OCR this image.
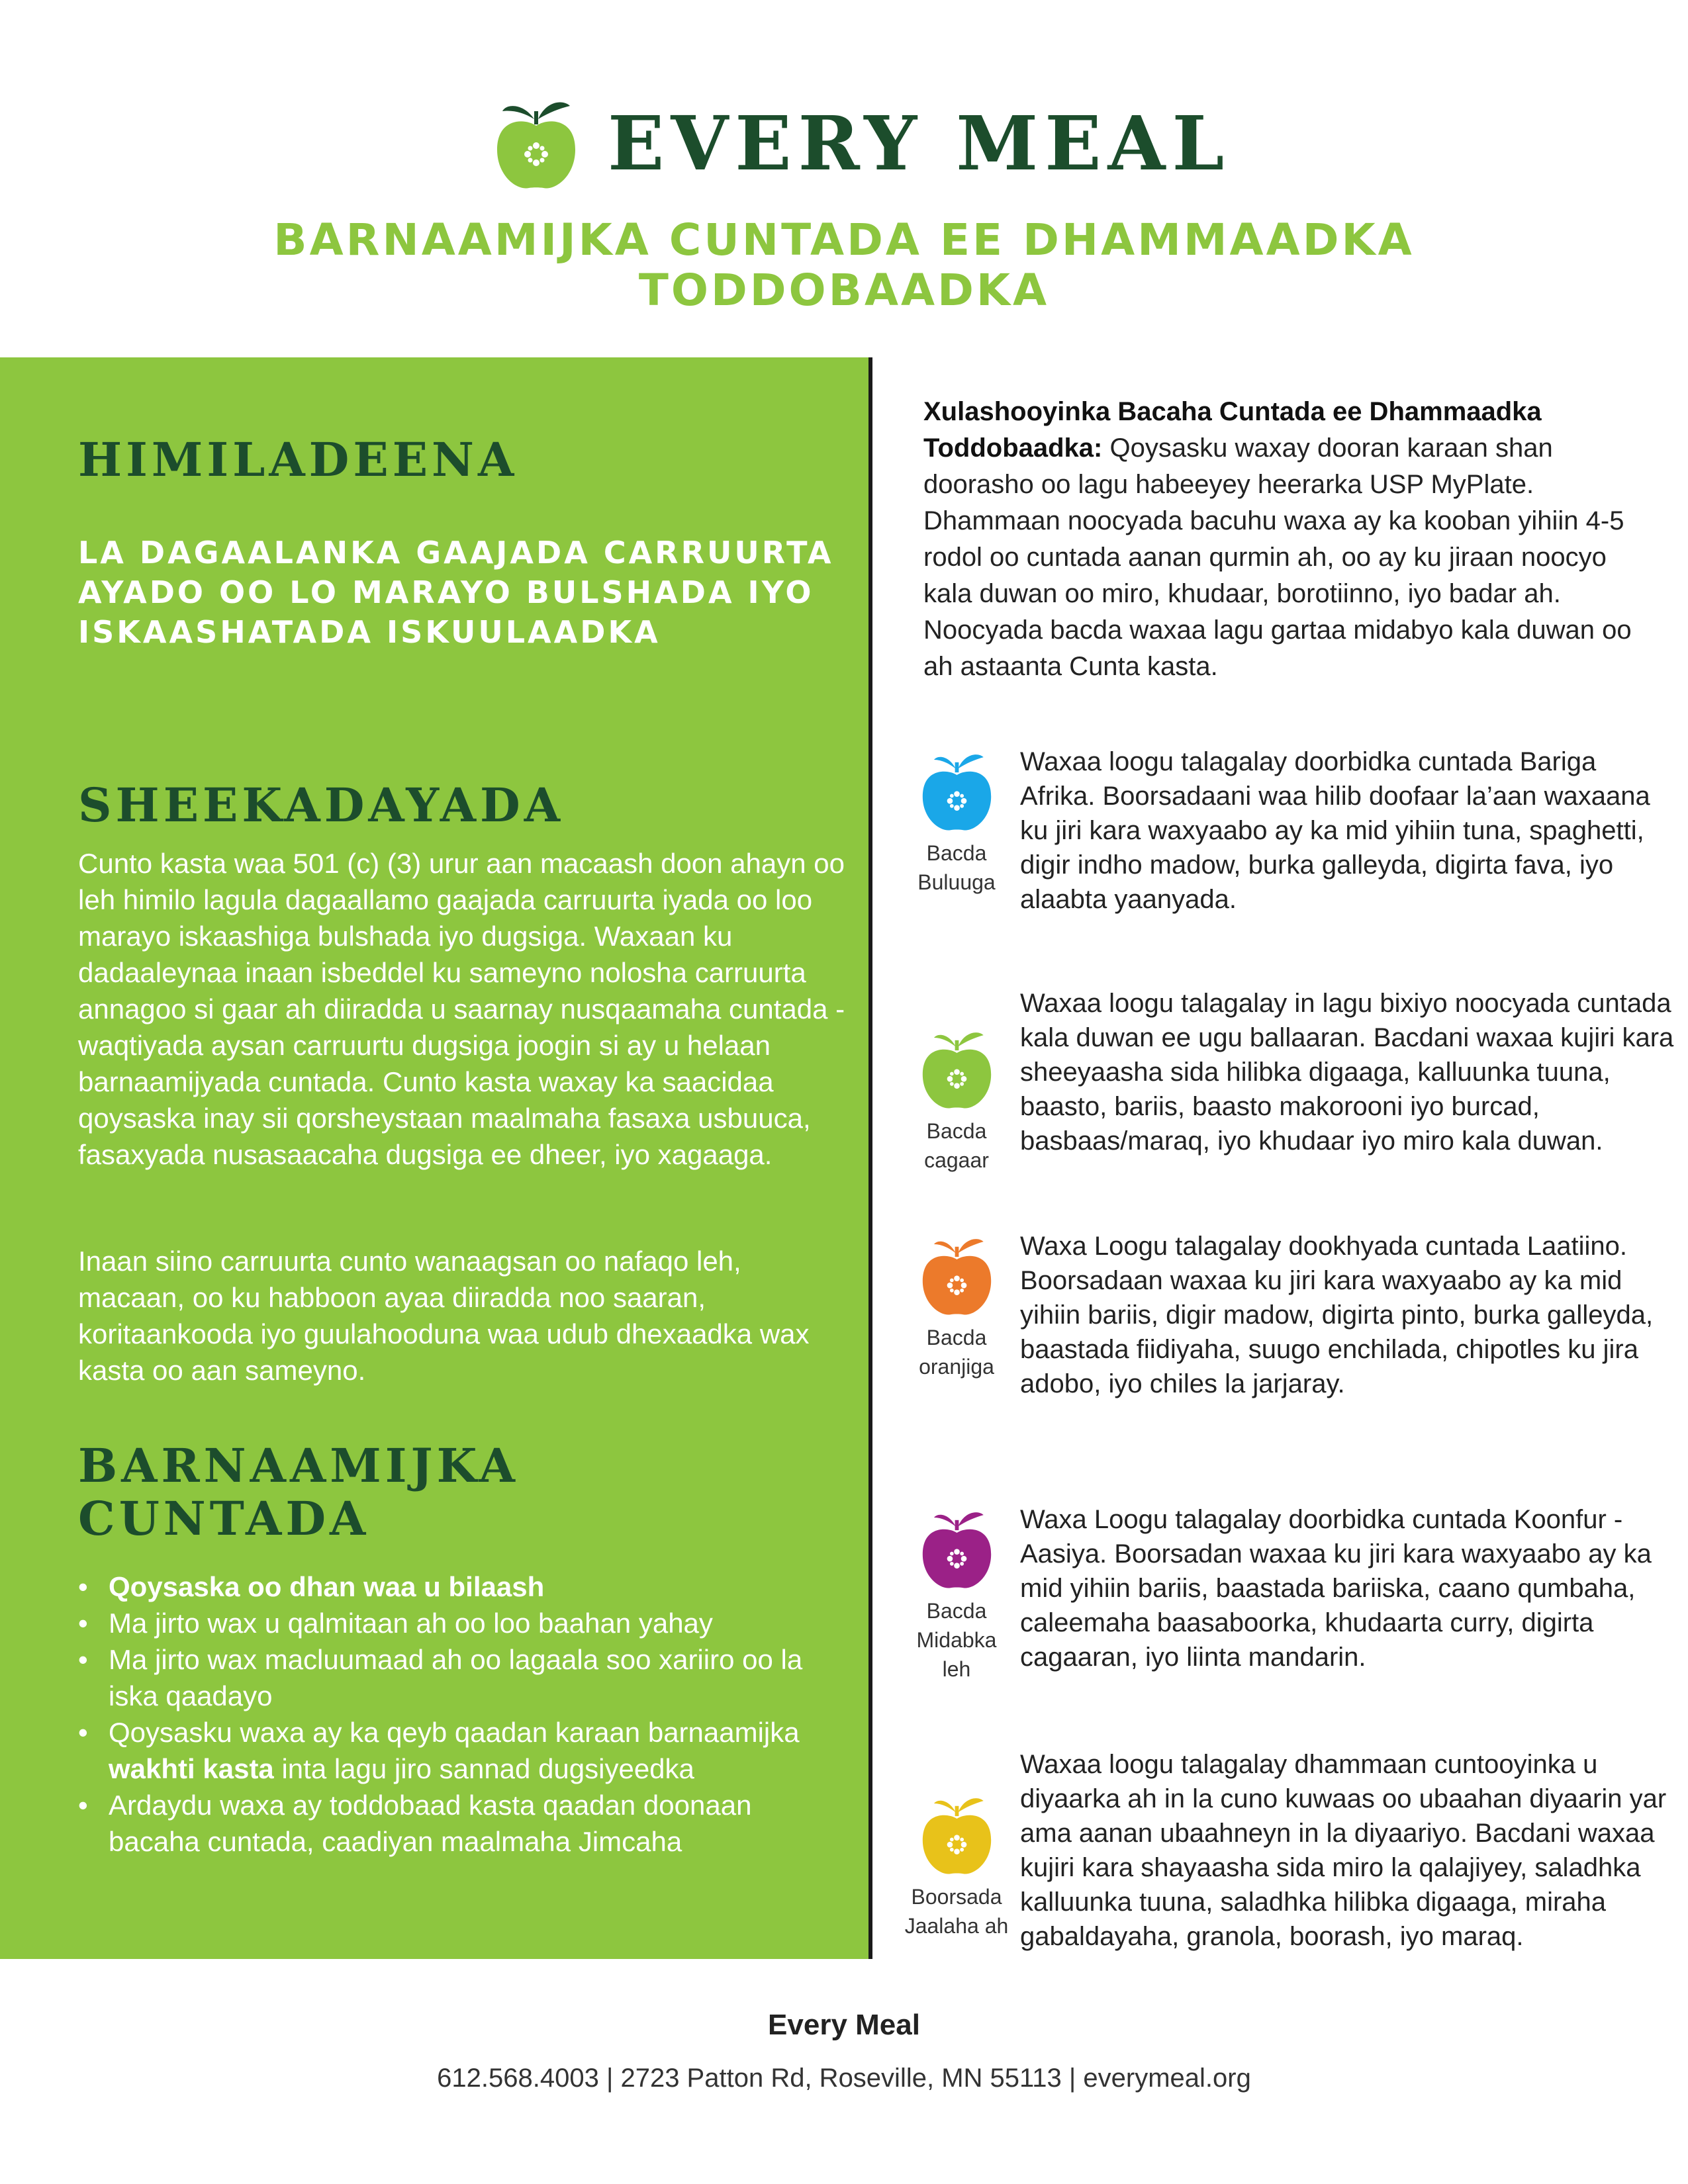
EVERY MEAL
BARNAAMIJKA CUNTADA EE DHAMMAADKA
TODDOBAADKA
HIMILADEENA
LA DAGAALANKA GAAJADA CARRUURTA AYADO OO LO MARAYO BULSHADA IYO ISKAASHATADA ISKUULAADKA
SHEEKADAYADA

Cunto kasta waa 501 (c) (3) urur aan macaash doon ahayn oo leh himilo lagula dagaallamo gaajada carruurta iyada oo loo marayo iskaashiga bulshada iyo dugsiga. Waxaan ku dadaaleynaa inaan isbeddel ku sameyno nolosha carruurta annagoo si gaar ah diiradda u saarnay nusqaamaha cuntada - waqtiyada aysan carruurtu dugsiga joogin si ay u helaan barnaamijyada cuntada. Cunto kasta waxay ka saacidaa qoysaska inay sii qorsheystaan maalmaha fasaxa usbuuca, fasaxyada nusasaacaha dugsiga ee dheer, iyo xagaaga.

Inaan siino carruurta cunto wanaagsan oo nafaqo leh, macaan, oo ku habboon ayaa diiradda noo saaran, koritaankooda iyo guulahooduna waa udub dhexaadka wax kasta oo aan sameyno.

BARNAAMIJKA
CUNTADA
• Qoysaska oo dhan waa u bilaash
• Ma jirto wax u qalmitaan ah oo loo baahan yahay
• Ma jirto wax macluumaad ah oo lagaala soo xariiro oo la iska qaadayo
• Qoysasku waxa ay ka qeyb qaadan karaan barnaamijka wakhti kasta inta lagu jiro sannad dugsiyeedka
• Ardaydu waxa ay toddobaad kasta qaadan doonaan bacaha cuntada, caadiyan maalmaha Jimcaha
Xulashooyinka Bacaha Cuntada ee Dhammaadka Toddobaadka: Qoysasku waxay dooran karaan shan doorasho oo lagu habeeyey heerarka USP MyPlate. Dhammaan noocyada bacuhu waxa ay ka kooban yihiin 4-5 rodol oo cuntada aanan qurmin ah, oo ay ku jiraan noocyo kala duwan oo miro, khudaar, borotiinno, iyo badar ah. Noocyada bacda waxaa lagu gartaa midabyo kala duwan oo ah astaanta Cunta kasta.
Bacda
Buluuga
Waxaa loogu talagalay doorbidka cuntada Bariga Afrika. Boorsadaani waa hilib doofaar la’aan waxaana ku jiri kara waxyaabo ay ka mid yihiin tuna, spaghetti, digir indho madow, burka galleyda, digirta fava, iyo alaabta yaanyada.
Bacda
cagaar
Waxaa loogu talagalay in lagu bixiyo noocyada cuntada kala duwan ee ugu ballaaran. Bacdani waxaa kujiri kara sheeyaasha sida hilibka digaaga, kalluunka tuuna, baasto, bariis, baasto makorooni iyo burcad, basbaas/maraq, iyo khudaar iyo miro kala duwan.
Bacda
oranjiga
Waxa Loogu talagalay dookhyada cuntada Laatiino. Boorsadaan waxaa ku jiri kara waxyaabo ay ka mid yihiin bariis, digir madow, digirta pinto, burka galleyda, baastada fiidiyaha, suugo enchilada, chipotles ku jira adobo, iyo chiles la jarjaray.
Bacda
Midabka leh
Waxa Loogu talagalay doorbidka cuntada Koonfur -Aasiya. Boorsadan waxaa ku jiri kara waxyaabo ay ka mid yihiin bariis, baastada bariiska, caano qumbaha, caleemaha baasaboorka, khudaarta curry, digirta cagaaran, iyo liinta mandarin.
Boorsada
Jaalaha ah
Waxaa loogu talagalay dhammaan cuntooyinka u diyaarka ah in la cuno kuwaas oo ubaahan diyaarin yar ama aanan ubaahneyn in la diyaariyo. Bacdani waxaa kujiri kara shayaasha sida miro la qalajiyey, saladhka kalluunka tuuna, saladhka hilibka digaaga, miraha gabaldayaha, granola, boorash, iyo maraq.
Every Meal
612.568.4003 | 2723 Patton Rd, Roseville, MN 55113 | everymeal.org
